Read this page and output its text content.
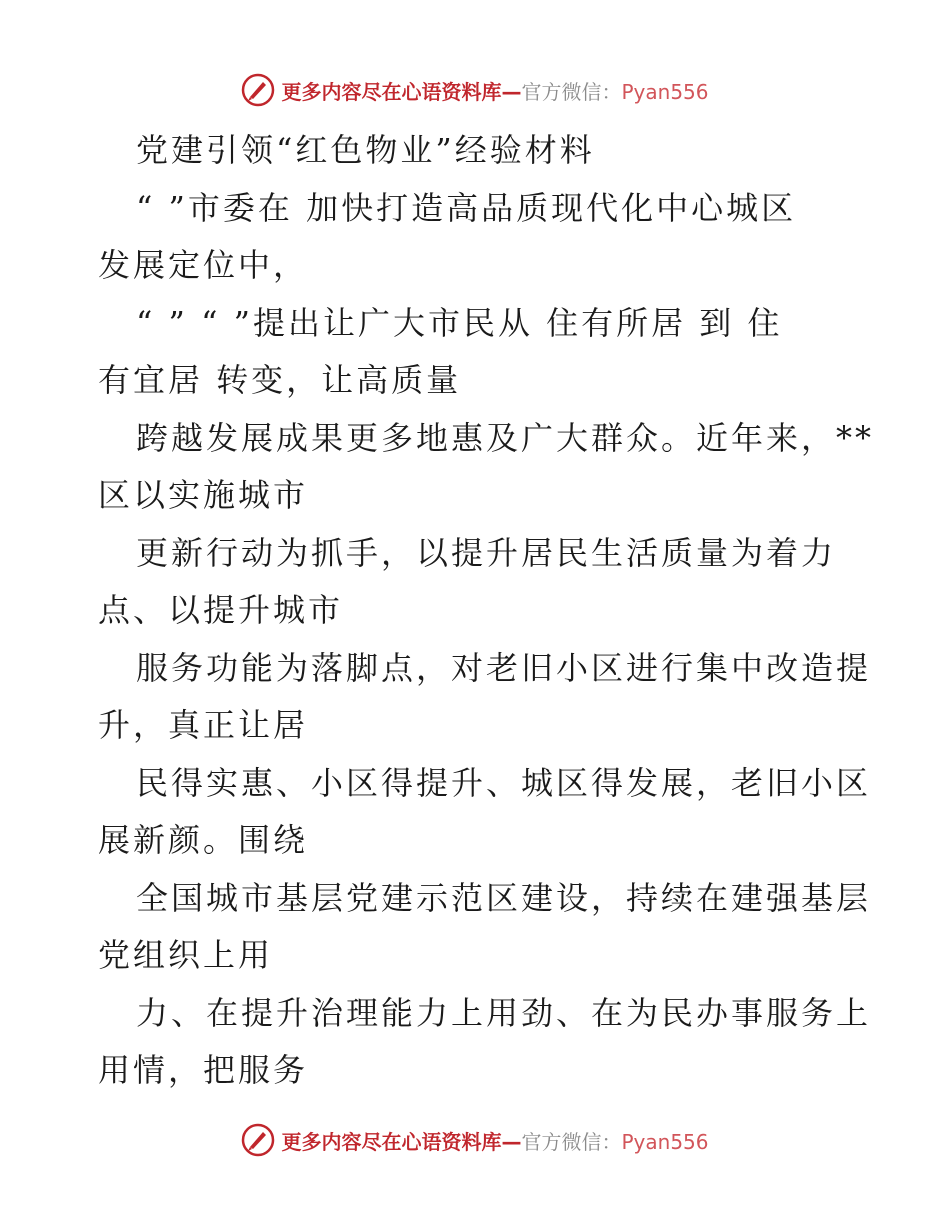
更多内容尽在心语资料库—官方微信：Pyan556
党建引领“红色物业”经验材料
“ ”市委在 加快打造高品质现代化中心城区
发展定位中，
“ ” “ ”提出让广大市民从 住有所居 到 住
有宜居 转变，让高质量
跨越发展成果更多地惠及广大群众。近年来，**
区以实施城市
更新行动为抓手，以提升居民生活质量为着力
点、以提升城市
服务功能为落脚点，对老旧小区进行集中改造提
升，真正让居
民得实惠、小区得提升、城区得发展，老旧小区
展新颜。围绕
全国城市基层党建示范区建设，持续在建强基层
党组织上用
力、在提升治理能力上用劲、在为民办事服务上
用情，把服务
更多内容尽在心语资料库—官方微信：Pyan556
